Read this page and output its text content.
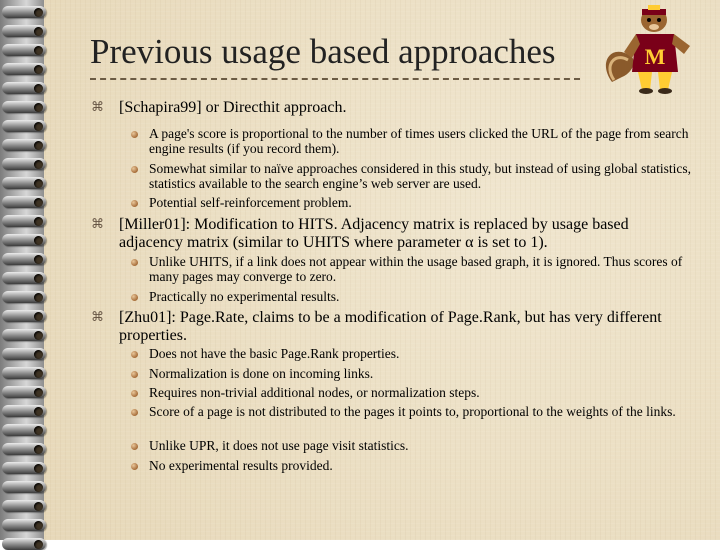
Previous usage based approaches	M
⌘ [Schapira99] or Directhit approach.
A page's score is proportional to the number of times users clicked the URL of the page from search engine results (if you record them).
Somewhat similar to naïve approaches considered in this study, but instead of using global statistics, statistics available to the search engine’s web server are used.
Potential self-reinforcement problem.
⌘ [Miller01]: Modification to HITS. Adjacency matrix is replaced by usage based adjacency matrix (similar to UHITS where parameter α is set to 1).
Unlike UHITS, if a link does not appear within the usage based graph, it is ignored. Thus scores of many pages may converge to zero.
Practically no experimental results.
⌘ [Zhu01]: Page.Rate, claims to be a modification of Page.Rank, but has very different properties.
Does not have the basic Page.Rank properties.
Normalization is done on incoming links.
Requires non-trivial additional nodes, or normalization steps.
Score of a page is not distributed to the pages it points to, proportional to the weights of the links.
Unlike UPR, it does not use page visit statistics.
No experimental results provided.
